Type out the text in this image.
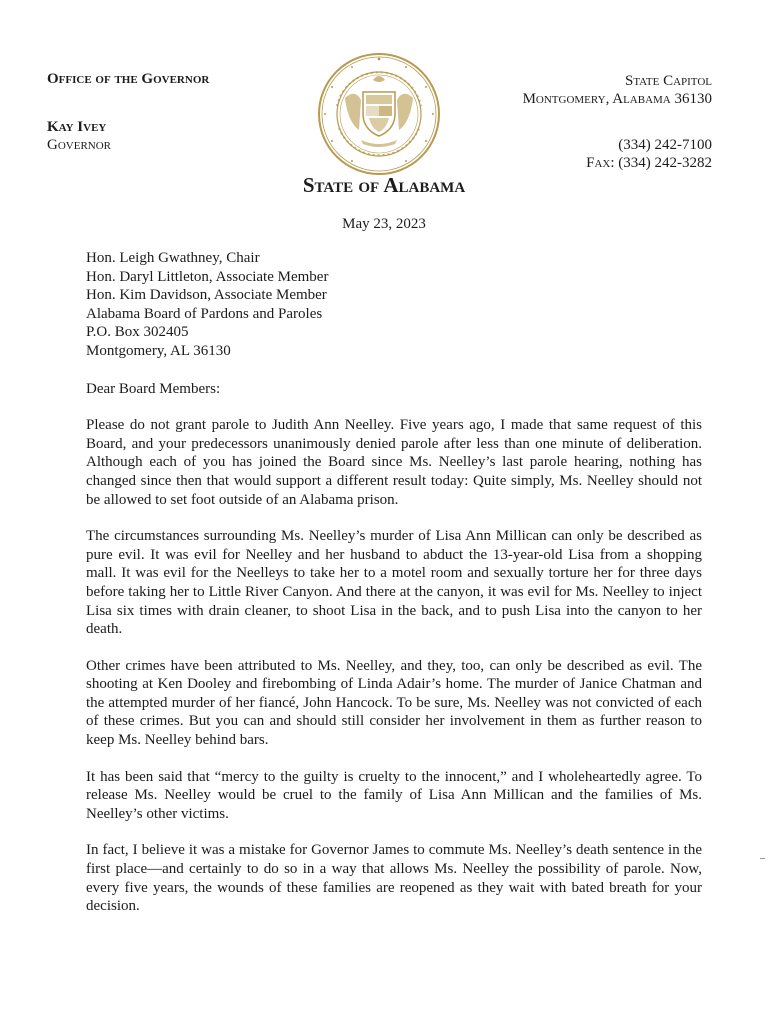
Office of the Governor
Kay Ivey
Governor
State Capitol
Montgomery, Alabama 36130
(334) 242-7100
Fax: (334) 242-3282
State of Alabama
May 23, 2023
Hon. Leigh Gwathney, Chair
Hon. Daryl Littleton, Associate Member
Hon. Kim Davidson, Associate Member
Alabama Board of Pardons and Paroles
P.O. Box 302405
Montgomery, AL 36130
Dear Board Members:

Please do not grant parole to Judith Ann Neelley. Five years ago, I made that same request of this Board, and your predecessors unanimously denied parole after less than one minute of deliberation. Although each of you has joined the Board since Ms. Neelley’s last parole hearing, nothing has changed since then that would support a different result today: Quite simply, Ms. Neelley should not be allowed to set foot outside of an Alabama prison.

The circumstances surrounding Ms. Neelley’s murder of Lisa Ann Millican can only be described as pure evil. It was evil for Neelley and her husband to abduct the 13-year-old Lisa from a shopping mall. It was evil for the Neelleys to take her to a motel room and sexually torture her for three days before taking her to Little River Canyon. And there at the canyon, it was evil for Ms. Neelley to inject Lisa six times with drain cleaner, to shoot Lisa in the back, and to push Lisa into the canyon to her death.

Other crimes have been attributed to Ms. Neelley, and they, too, can only be described as evil. The shooting at Ken Dooley and firebombing of Linda Adair’s home. The murder of Janice Chatman and the attempted murder of her fiancé, John Hancock. To be sure, Ms. Neelley was not convicted of each of these crimes. But you can and should still consider her involvement in them as further reason to keep Ms. Neelley behind bars.

It has been said that “mercy to the guilty is cruelty to the innocent,” and I wholeheartedly agree. To release Ms. Neelley would be cruel to the family of Lisa Ann Millican and the families of Ms. Neelley’s other victims.

In fact, I believe it was a mistake for Governor James to commute Ms. Neelley’s death sentence in the first place—and certainly to do so in a way that allows Ms. Neelley the possibility of parole. Now, every five years, the wounds of these families are reopened as they wait with bated breath for your decision.
